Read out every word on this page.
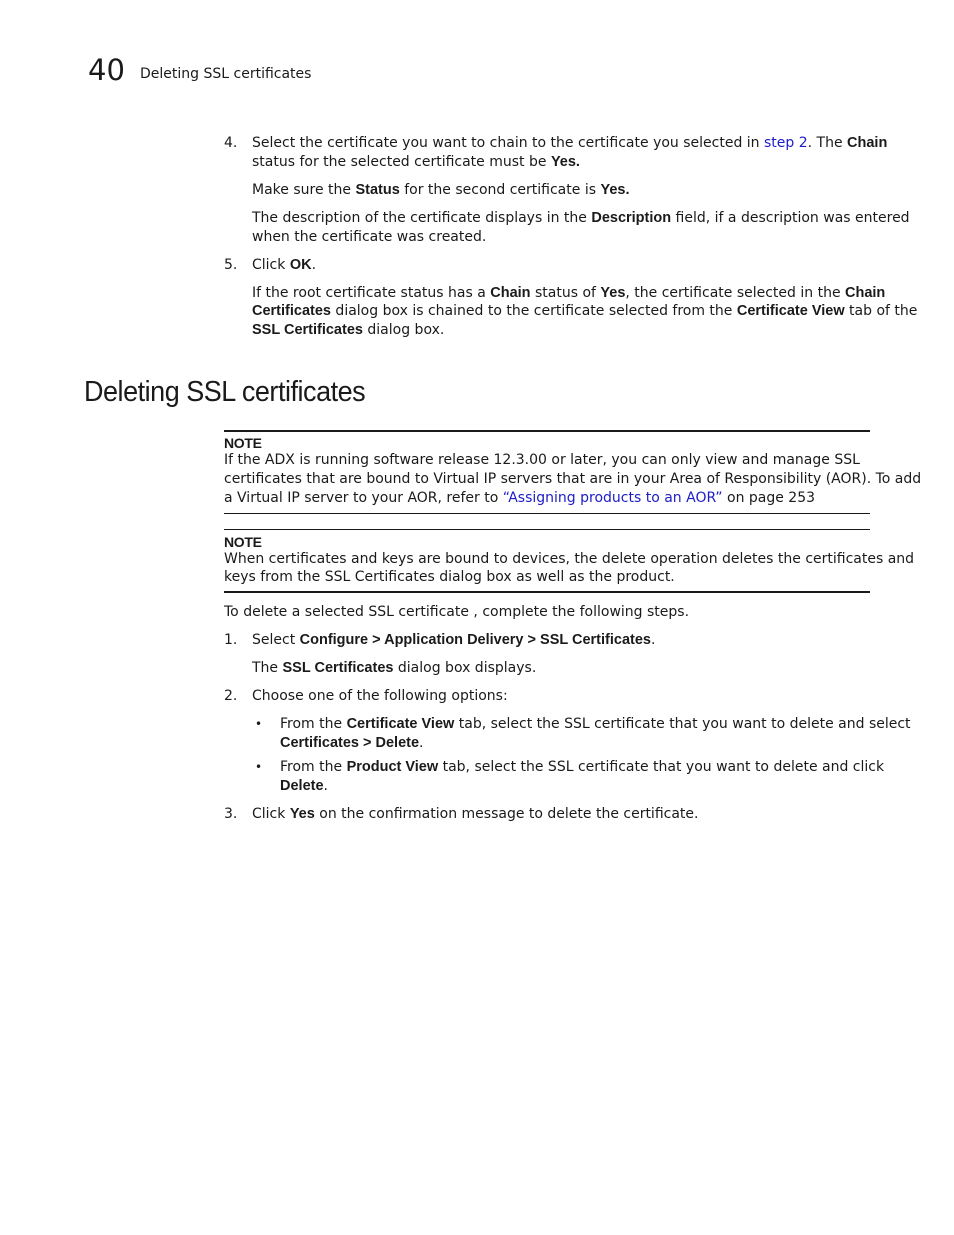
40 Deleting SSL certificates
4. Select the certificate you want to chain to the certificate you selected in step 2. The Chain

status for the selected certificate must be Yes.

Make sure the Status for the second certificate is Yes.

The description of the certificate displays in the Description field, if a description was entered

when the certificate was created.

5. Click OK.

If the root certificate status has a Chain status of Yes, the certificate selected in the Chain

Certificates dialog box is chained to the certificate selected from the Certificate View tab of the

SSL Certificates dialog box.

Deleting SSL certificates
NOTE

If the ADX is running software release 12.3.00 or later, you can only view and manage SSL

certificates that are bound to Virtual IP servers that are in your Area of Responsibility (AOR). To add

a Virtual IP server to your AOR, refer to “Assigning products to an AOR” on page 253

NOTE

When certificates and keys are bound to devices, the delete operation deletes the certificates and

keys from the SSL Certificates dialog box as well as the product.

To delete a selected SSL certificate , complete the following steps.

1. Select Configure > Application Delivery > SSL Certificates.

The SSL Certificates dialog box displays.

2. Choose one of the following options:

• From the Certificate View tab, select the SSL certificate that you want to delete and select

Certificates > Delete.

• From the Product View tab, select the SSL certificate that you want to delete and click

Delete.

3. Click Yes on the confirmation message to delete the certificate.
